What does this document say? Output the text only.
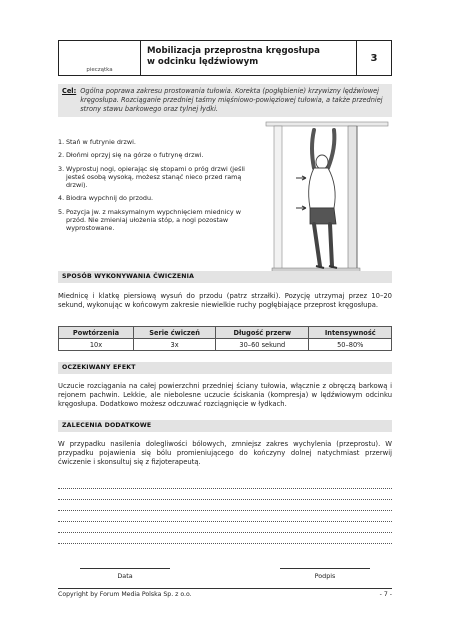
pieczątka
Mobilizacja przeprostna kręgosłupa
w odcinku lędźwiowym	3
Cel: Ogólna poprawa zakresu prostowania tułowia. Korekta (pogłębienie) krzywizny lędźwiowej kręgosłupa. Rozciąganie przedniej taśmy mięśniowo-powięziowej tułowia, a także przedniej strony stawu barkowego oraz tylnej łydki.
1. Stań w futrynie drzwi.
2. Dłońmi oprzyj się na górze o futrynę drzwi.
3. Wyprostuj nogi, opierając się stopami o próg drzwi (jeśli jesteś osobą wysoką, możesz stanąć nieco przed ramą drzwi).
4. Biodra wypchnij do przodu.
5. Pozycja jw. z maksymalnym wypchnięciem miednicy w przód. Nie zmieniaj ułożenia stóp, a nogi pozostaw wyprostowane.
SPOSÓB WYKONYWANIA ĆWICZENIA
Miednicę i klatkę piersiową wysuń do przodu (patrz strzałki). Pozycję utrzymaj przez 10–20 sekund, wykonując w końcowym zakresie niewielkie ruchy pogłębiające przeprost kręgosłupa.
Powtórzenia	Serie ćwiczeń	Długość przerw	Intensywność
10x	3x	30–60 sekund	50–80%
OCZEKIWANY EFEKT
Uczucie rozciągania na całej powierzchni przedniej ściany tułowia, włącznie z obręczą barkową i rejonem pachwin. Lekkie, ale niebolesne uczucie ściskania (kompresja) w lędźwiowym odcinku kręgosłupa. Dodatkowo możesz odczuwać rozciągnięcie w łydkach.
ZALECENIA DODATKOWE
W przypadku nasilenia dolegliwości bólowych, zmniejsz zakres wychylenia (przeprostu). W przypadku pojawienia się bólu promieniującego do kończyny dolnej natychmiast przerwij ćwiczenie i skonsultuj się z fizjoterapeutą.
Data	Podpis
Copyright by Forum Media Polska Sp. z o.o.	- 7 -
